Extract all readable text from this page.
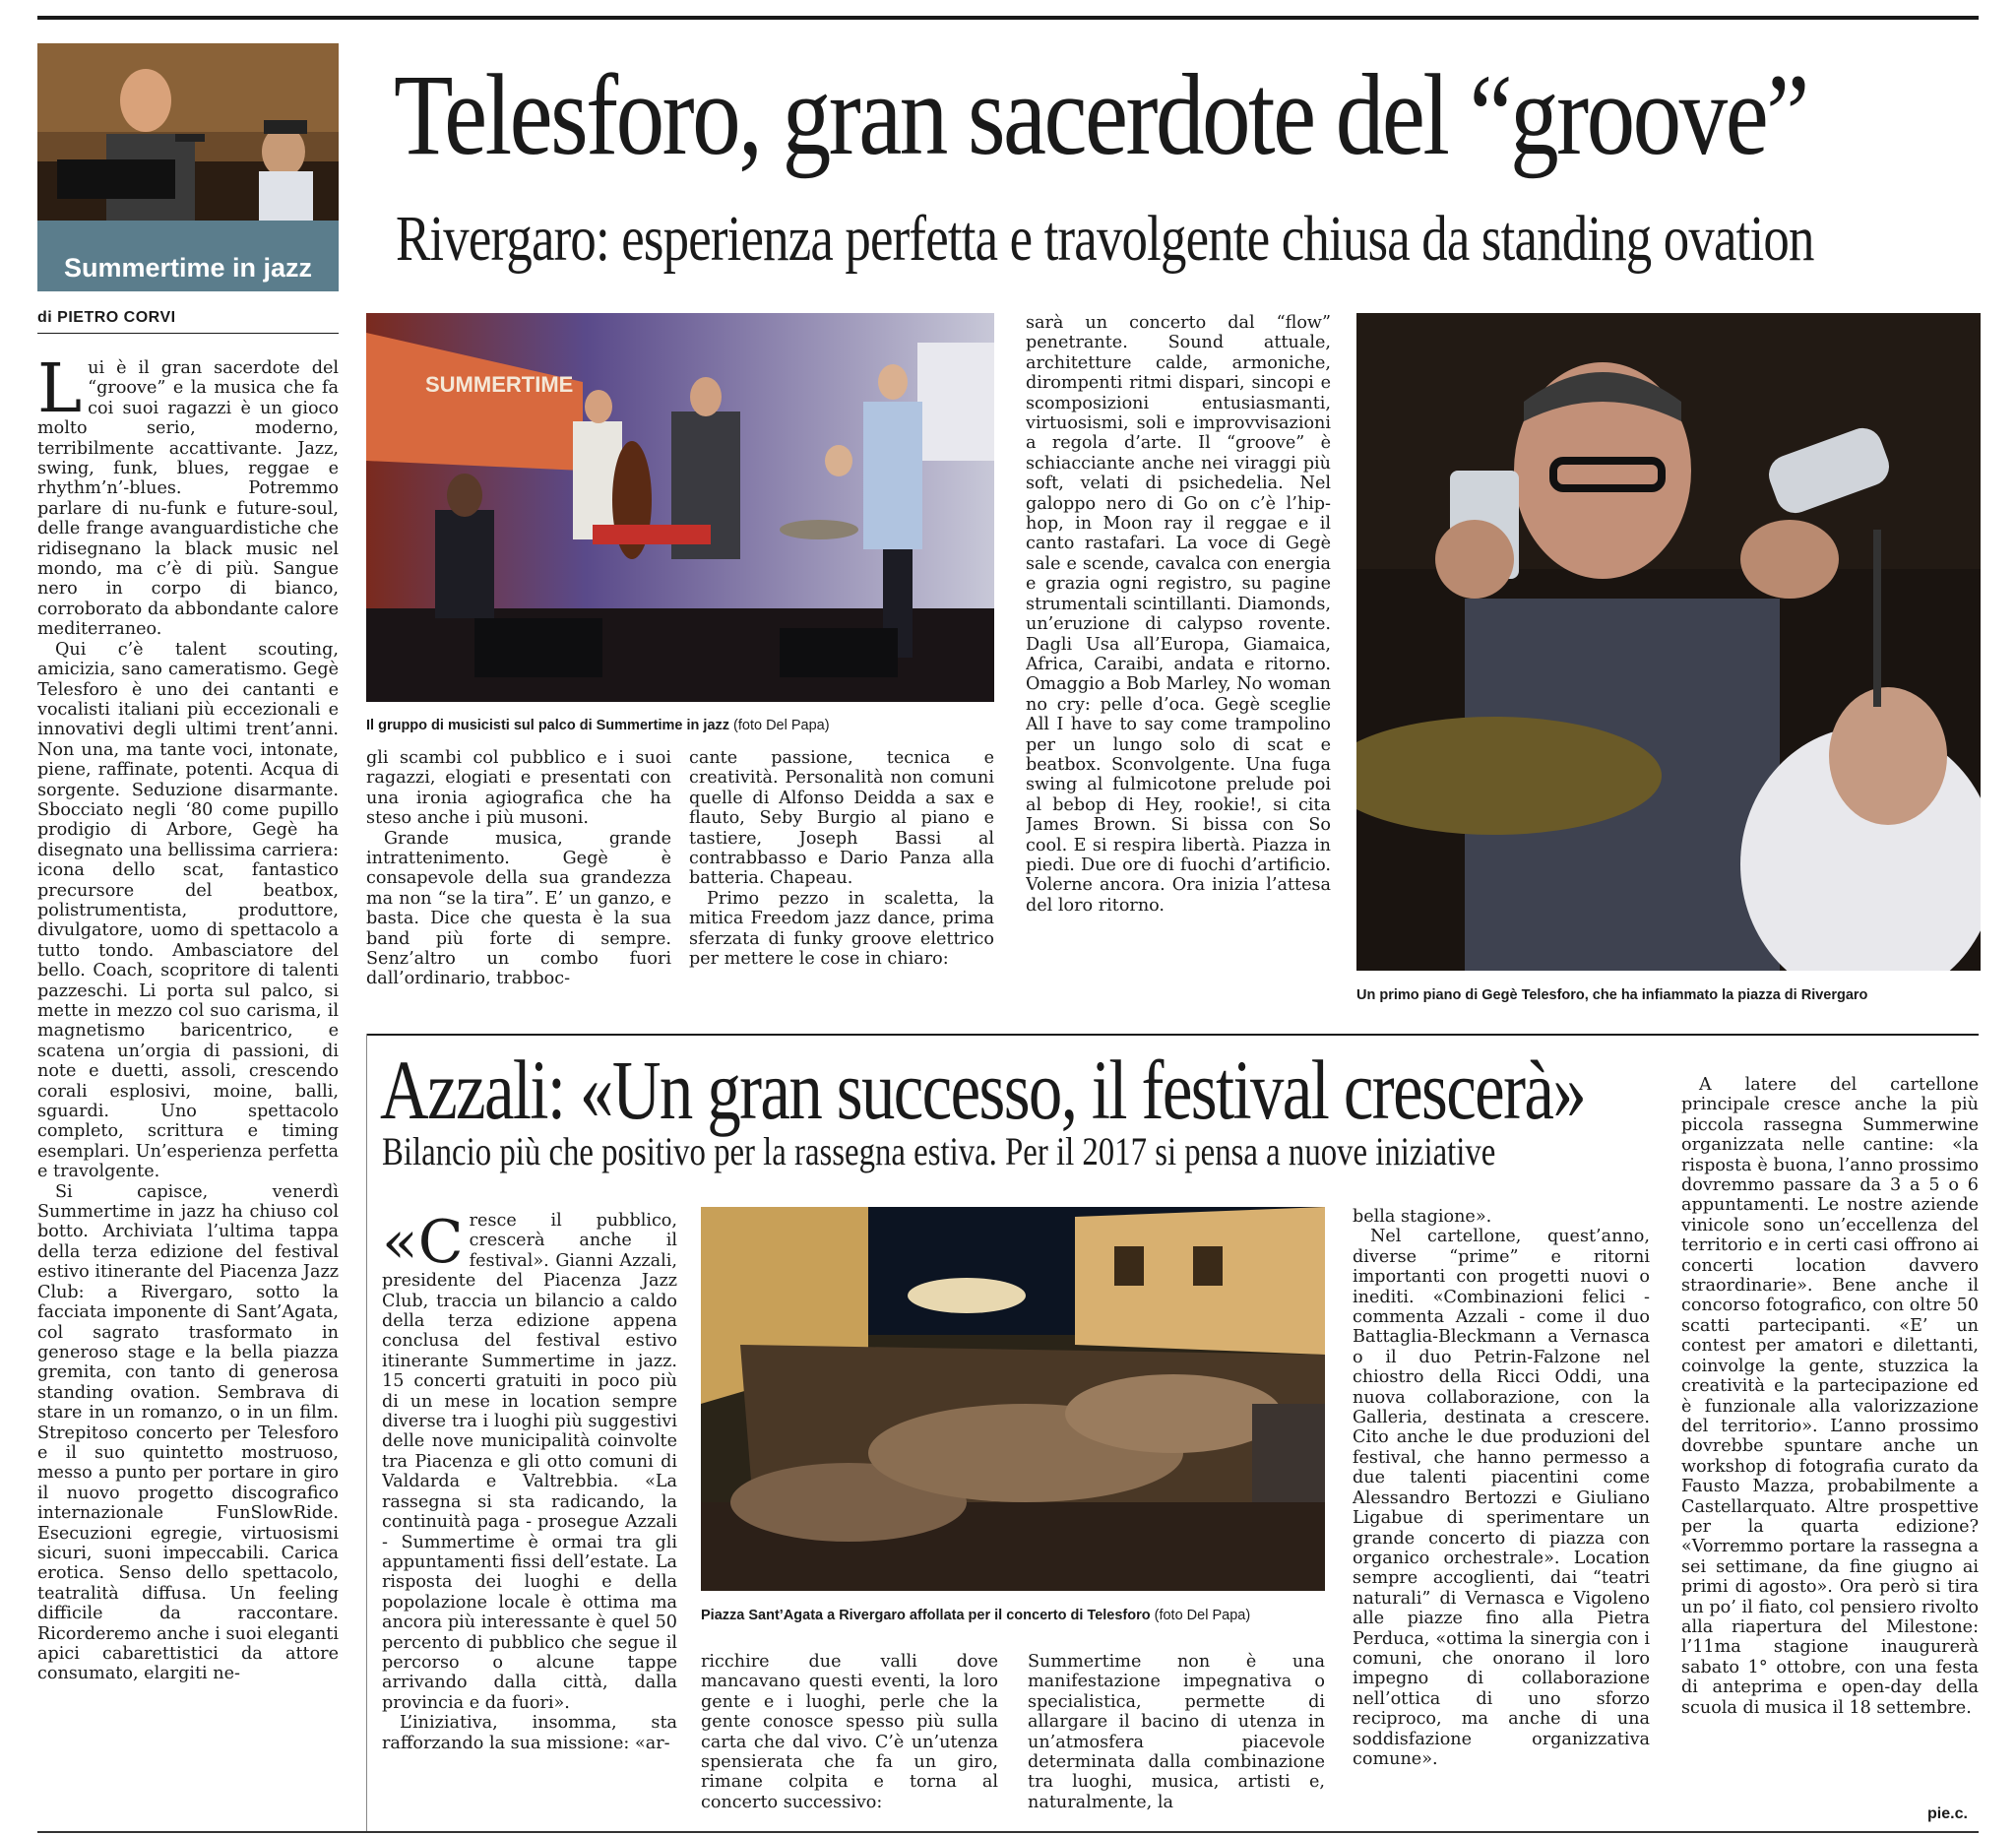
Summertime in jazz
di PIETRO CORVI
Telesforo, gran sacerdote del “groove”
Rivergaro: esperienza perfetta e travolgente chiusa da standing ovation

Lui è il gran sacerdote del “groove” e la musica che fa coi suoi ragazzi è un gioco molto serio, moderno, terribilmente accattivante. Jazz, swing, funk, blues, reggae e rhythm’n’-blues. Potremmo parlare di nu-funk e future-soul, delle frange avanguardistiche che ridisegnano la black music nel mondo, ma c’è di più. Sangue nero in corpo di bianco, corroborato da abbondante calore mediterraneo.

Qui c’è talent scouting, amicizia, sano cameratismo. Gegè Telesforo è uno dei cantanti e vocalisti italiani più eccezionali e innovativi degli ultimi trent’anni. Non una, ma tante voci, intonate, piene, raffinate, potenti. Acqua di sorgente. Seduzione disarmante. Sbocciato negli ‘80 come pupillo prodigio di Arbore, Gegè ha disegnato una bellissima carriera: icona dello scat, fantastico precursore del beatbox, polistrumentista, produttore, divulgatore, uomo di spettacolo a tutto tondo. Ambasciatore del bello. Coach, scopritore di talenti pazzeschi. Li porta sul palco, si mette in mezzo col suo carisma, il magnetismo baricentrico, e scatena un’orgia di passioni, di note e duetti, assoli, crescendo corali esplosivi, moine, balli, sguardi. Uno spettacolo completo, scrittura e timing esemplari. Un’esperienza perfetta e travolgente.

Si capisce, venerdì Summertime in jazz ha chiuso col botto. Archiviata l’ultima tappa della terza edizione del festival estivo itinerante del Piacenza Jazz Club: a Rivergaro, sotto la facciata imponente di Sant’Agata, col sagrato trasformato in generoso stage e la bella piazza gremita, con tanto di generosa standing ovation. Sembrava di stare in un romanzo, o in un film. Strepitoso concerto per Telesforo e il suo quintetto mostruoso, messo a punto per portare in giro il nuovo progetto discografico internazionale FunSlowRide. Esecuzioni egregie, virtuosismi sicuri, suoni impeccabili. Carica erotica. Senso dello spettacolo, teatralità diffusa. Un feeling difficile da raccontare. Ricorderemo anche i suoi eleganti apici cabarettistici da attore consumato, elargiti ne-

SUMMERTIME
Il gruppo di musicisti sul palco di Summertime in jazz (foto Del Papa)

gli scambi col pubblico e i suoi ragazzi, elogiati e presentati con una ironia agiografica che ha steso anche i più musoni.

Grande musica, grande intrattenimento. Gegè è consapevole della sua grandezza ma non “se la tira”. E’ un ganzo, e basta. Dice che questa è la sua band più forte di sempre. Senz’altro un combo fuori dall’ordinario, trabboc-

cante passione, tecnica e creatività. Personalità non comuni quelle di Alfonso Deidda a sax e flauto, Seby Burgio al piano e tastiere, Joseph Bassi al contrabbasso e Dario Panza alla batteria. Chapeau.

Primo pezzo in scaletta, la mitica Freedom jazz dance, prima sferzata di funky groove elettrico per mettere le cose in chiaro:

sarà un concerto dal “flow” penetrante. Sound attuale, architetture calde, armoniche, dirompenti ritmi dispari, sincopi e scomposizioni entusiasmanti, virtuosismi, soli e improvvisazioni a regola d’arte. Il “groove” è schiacciante anche nei viraggi più soft, velati di psichedelia. Nel galoppo nero di Go on c’è l’hip-hop, in Moon ray il reggae e il canto rastafari. La voce di Gegè sale e scende, cavalca con energia e grazia ogni registro, su pagine strumentali scintillanti. Diamonds, un’eruzione di calypso rovente. Dagli Usa all’Europa, Giamaica, Africa, Caraibi, andata e ritorno. Omaggio a Bob Marley, No woman no cry: pelle d’oca. Gegè sceglie All I have to say come trampolino per un lungo solo di scat e beatbox. Sconvolgente. Una fuga swing al fulmicotone prelude poi al bebop di Hey, rookie!, si cita James Brown. Si bissa con So cool. E si respira libertà. Piazza in piedi. Due ore di fuochi d’artificio. Volerne ancora. Ora inizia l’attesa del loro ritorno.

Un primo piano di Gegè Telesforo, che ha infiammato la piazza di Rivergaro
Azzali: «Un gran successo, il festival crescerà»
Bilancio più che positivo per la rassegna estiva. Per il 2017 si pensa a nuove iniziative

«Cresce il pubblico, crescerà anche il festival». Gianni Azzali, presidente del Piacenza Jazz Club, traccia un bilancio a caldo della terza edizione appena conclusa del festival estivo itinerante Summertime in jazz. 15 concerti gratuiti in poco più di un mese in location sempre diverse tra i luoghi più suggestivi delle nove municipalità coinvolte tra Piacenza e gli otto comuni di Valdarda e Valtrebbia. «La rassegna si sta radicando, la continuità paga - prosegue Azzali - Summertime è ormai tra gli appuntamenti fissi dell’estate. La risposta dei luoghi e della popolazione locale è ottima ma ancora più interessante è quel 50 percento di pubblico che segue il percorso o alcune tappe arrivando dalla città, dalla provincia e da fuori».

L’iniziativa, insomma, sta rafforzando la sua missione: «ar-

Piazza Sant’Agata a Rivergaro affollata per il concerto di Telesforo (foto Del Papa)

ricchire due valli dove mancavano questi eventi, la loro gente e i luoghi, perle che la gente conosce spesso più sulla carta che dal vivo. C’è un’utenza spensierata che fa un giro, rimane colpita e torna al concerto successivo:

Summertime non è una manifestazione impegnativa o specialistica, permette di allargare il bacino di utenza in un’atmosfera piacevole determinata dalla combinazione tra luoghi, musica, artisti e, naturalmente, la

bella stagione».

Nel cartellone, quest’anno, diverse “prime” e ritorni importanti con progetti nuovi o inediti. «Combinazioni felici - commenta Azzali - come il duo Battaglia-Bleckmann a Vernasca o il duo Petrin-Falzone nel chiostro della Ricci Oddi, una nuova collaborazione, con la Galleria, destinata a crescere. Cito anche le due produzioni del festival, che hanno permesso a due talenti piacentini come Alessandro Bertozzi e Giuliano Ligabue di sperimentare un grande concerto di piazza con organico orchestrale». Location sempre accoglienti, dai “teatri naturali” di Vernasca e Vigoleno alle piazze fino alla Pietra Perduca, «ottima la sinergia con i comuni, che onorano il loro impegno di collaborazione nell’ottica di uno sforzo reciproco, ma anche di una soddisfazione organizzativa comune».

A latere del cartellone principale cresce anche la più piccola rassegna Summerwine organizzata nelle cantine: «la risposta è buona, l’anno prossimo dovremmo passare da 3 a 5 o 6 appuntamenti. Le nostre aziende vinicole sono un’eccellenza del territorio e in certi casi offrono ai concerti location davvero straordinarie». Bene anche il concorso fotografico, con oltre 50 scatti partecipanti. «E’ un contest per amatori e dilettanti, coinvolge la gente, stuzzica la creatività e la partecipazione ed è funzionale alla valorizzazione del territorio». L’anno prossimo dovrebbe spuntare anche un workshop di fotografia curato da Fausto Mazza, probabilmente a Castellarquato. Altre prospettive per la quarta edizione? «Vorremmo portare la rassegna a sei settimane, da fine giugno ai primi di agosto». Ora però si tira un po’ il fiato, col pensiero rivolto alla riapertura del Milestone: l’11ma stagione inaugurerà sabato 1° ottobre, con una festa di anteprima e open-day della scuola di musica il 18 settembre.

pie.c.
